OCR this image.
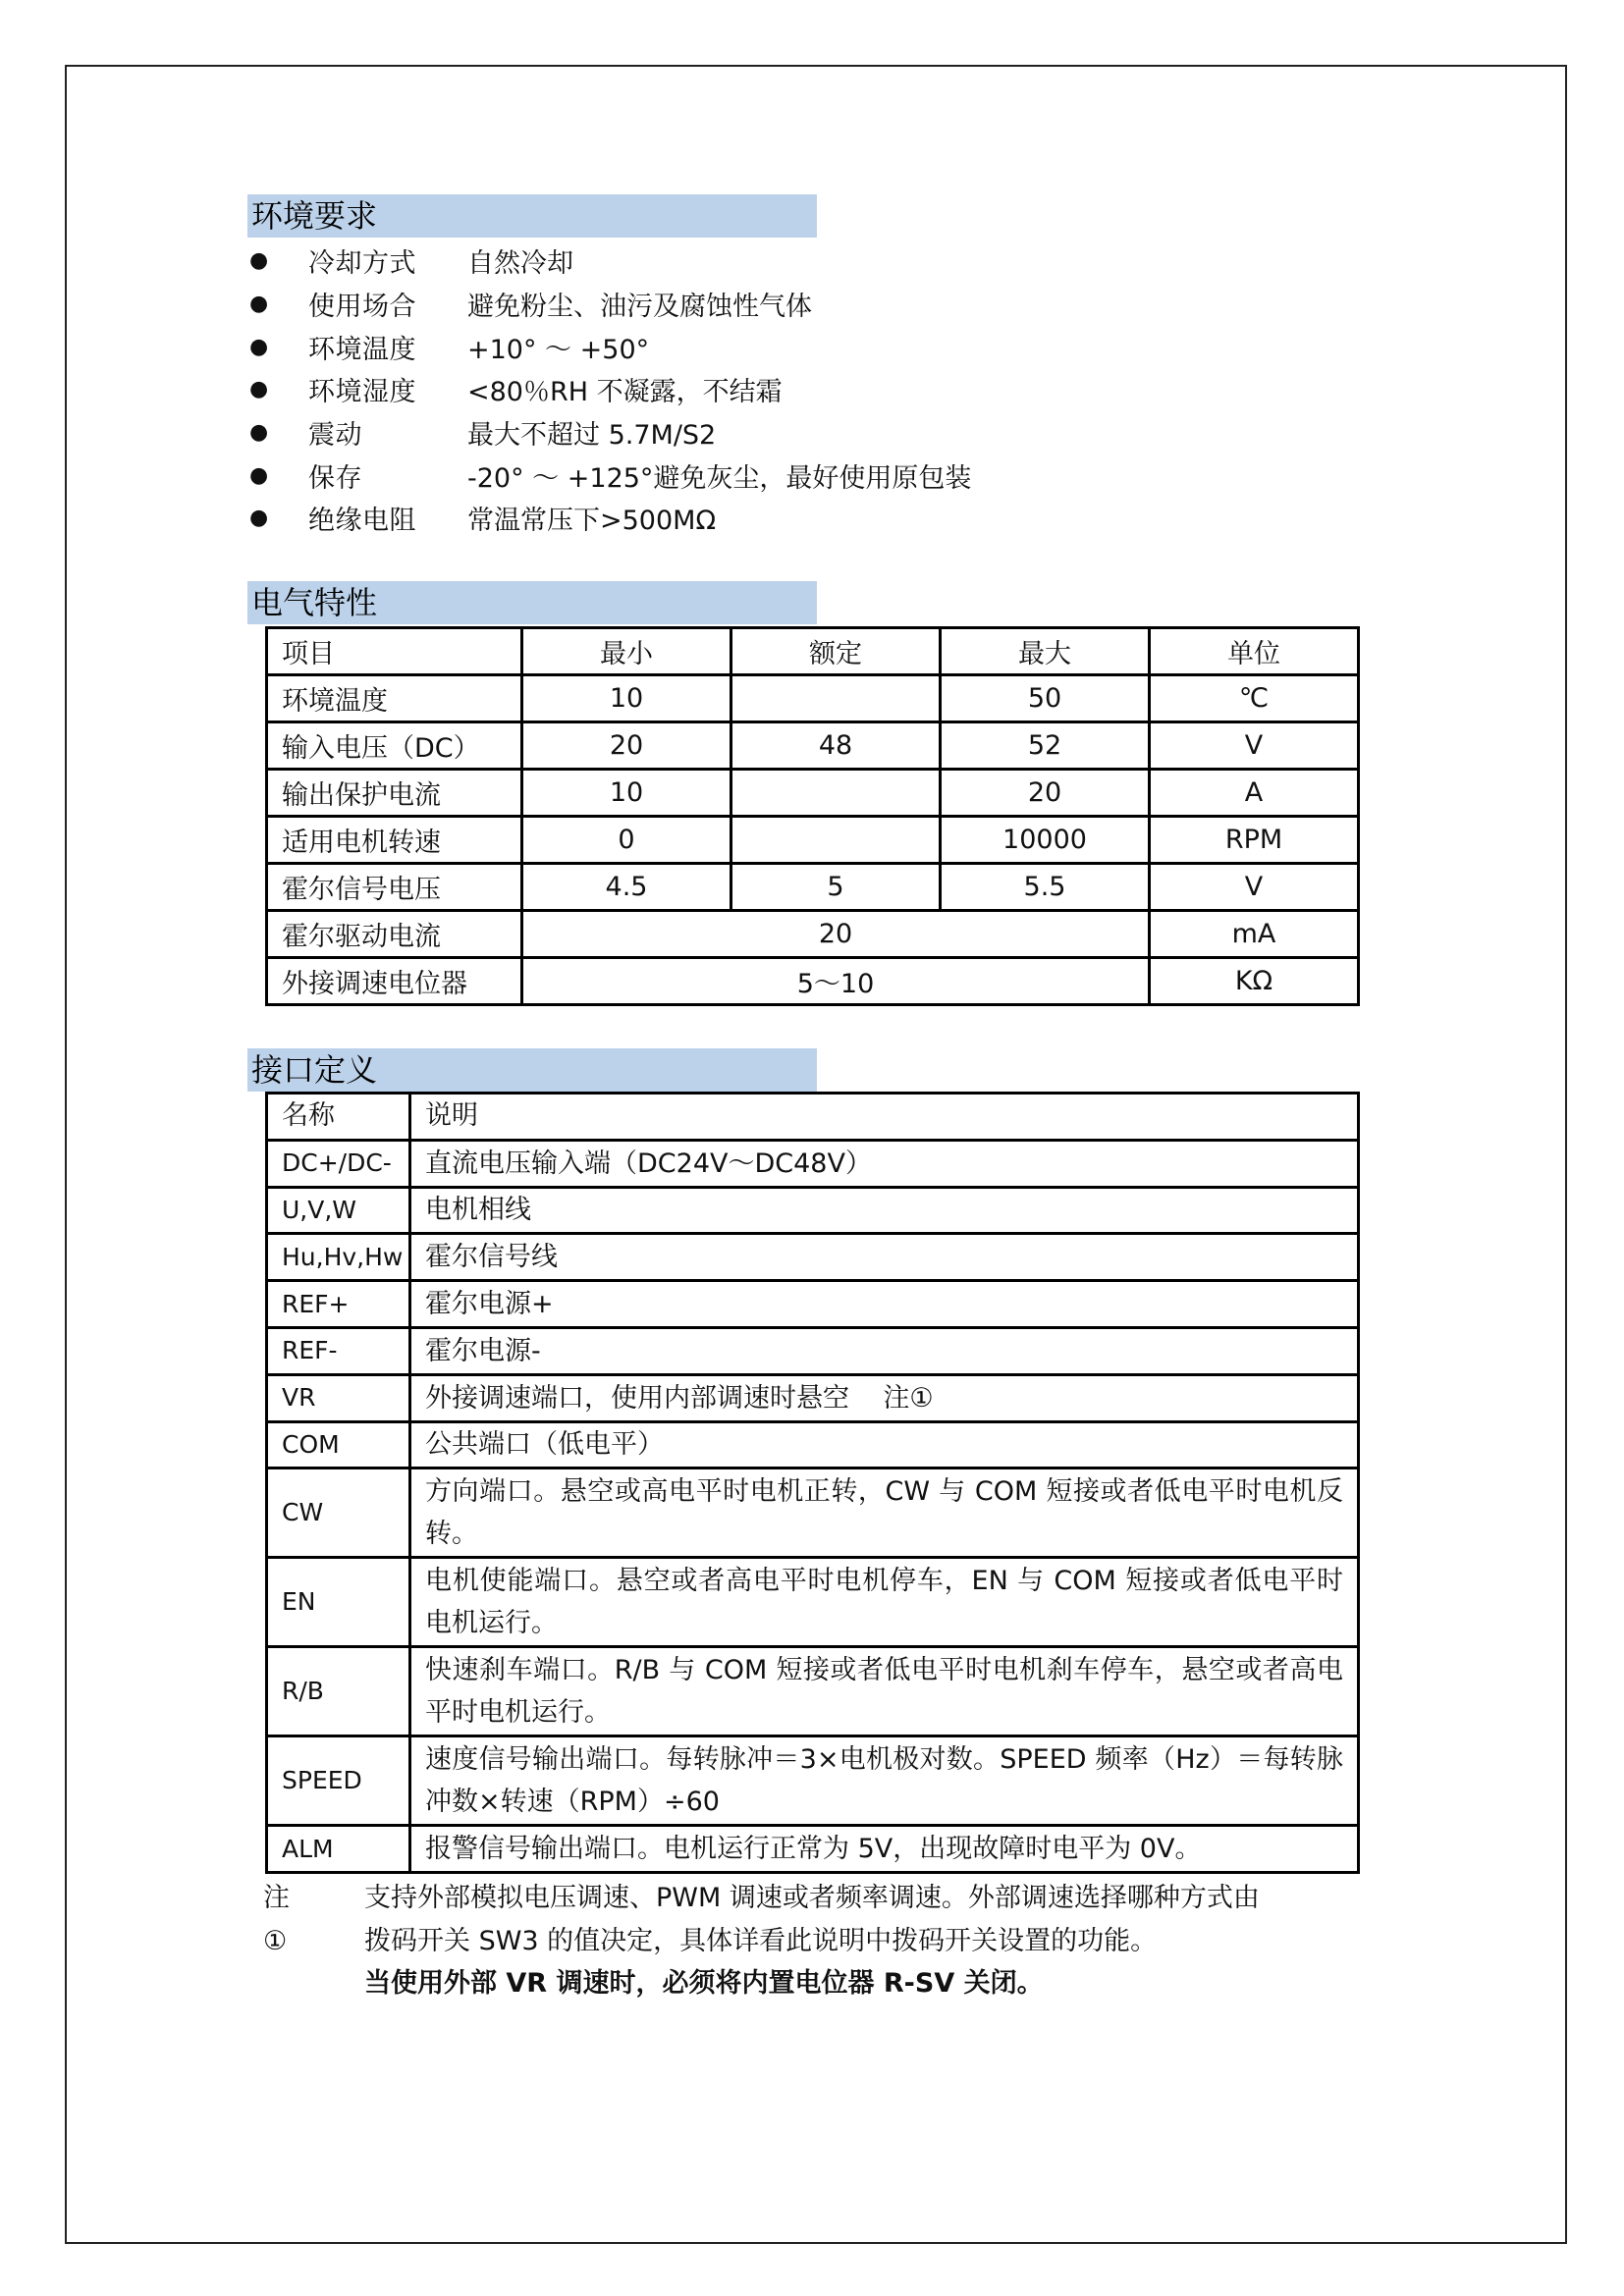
环境要求
●	冷却方式	自然冷却
●	使用场合	避免粉尘、油污及腐蚀性气体
●	环境温度	+10° ～ +50°
●	环境湿度	<80％RH 不凝露，不结霜
●	震动	最大不超过 5.7M/S2
●	保存	-20° ～ +125°避免灰尘，最好使用原包装
●	绝缘电阻	常温常压下>500MΩ
电气特性
项目	最小	额定	最大	单位
环境温度	10		50	℃
输入电压（DC）	20	48	52	V
输出保护电流	10		20	A
适用电机转速	0		10000	RPM
霍尔信号电压	4.5	5	5.5	V
霍尔驱动电流	20			mA
外接调速电位器	5～10			KΩ
接口定义
名称	说明
DC+/DC-	直流电压输入端（DC24V～DC48V）
U,V,W	电机相线
Hu,Hv,Hw	霍尔信号线
REF+	霍尔电源+
REF-	霍尔电源-
VR	外接调速端口，使用内部调速时悬空    注①
COM	公共端口（低电平）
CW	方向端口。悬空或高电平时电机正转，CW 与 COM 短接或者低电平时电机反转。
EN	电机使能端口。悬空或者高电平时电机停车，EN 与 COM 短接或者低电平时电机运行。
R/B	快速刹车端口。R/B 与 COM 短接或者低电平时电机刹车停车，悬空或者高电平时电机运行。
SPEED	速度信号输出端口。每转脉冲＝3×电机极对数。SPEED 频率（Hz）＝每转脉冲数×转速（RPM）÷60
ALM	报警信号输出端口。电机运行正常为 5V，出现故障时电平为 0V。
注①
支持外部模拟电压调速、PWM 调速或者频率调速。外部调速选择哪种方式由
拨码开关 SW3 的值决定，具体详看此说明中拨码开关设置的功能。
当使用外部 VR 调速时，必须将内置电位器 R-SV 关闭。
